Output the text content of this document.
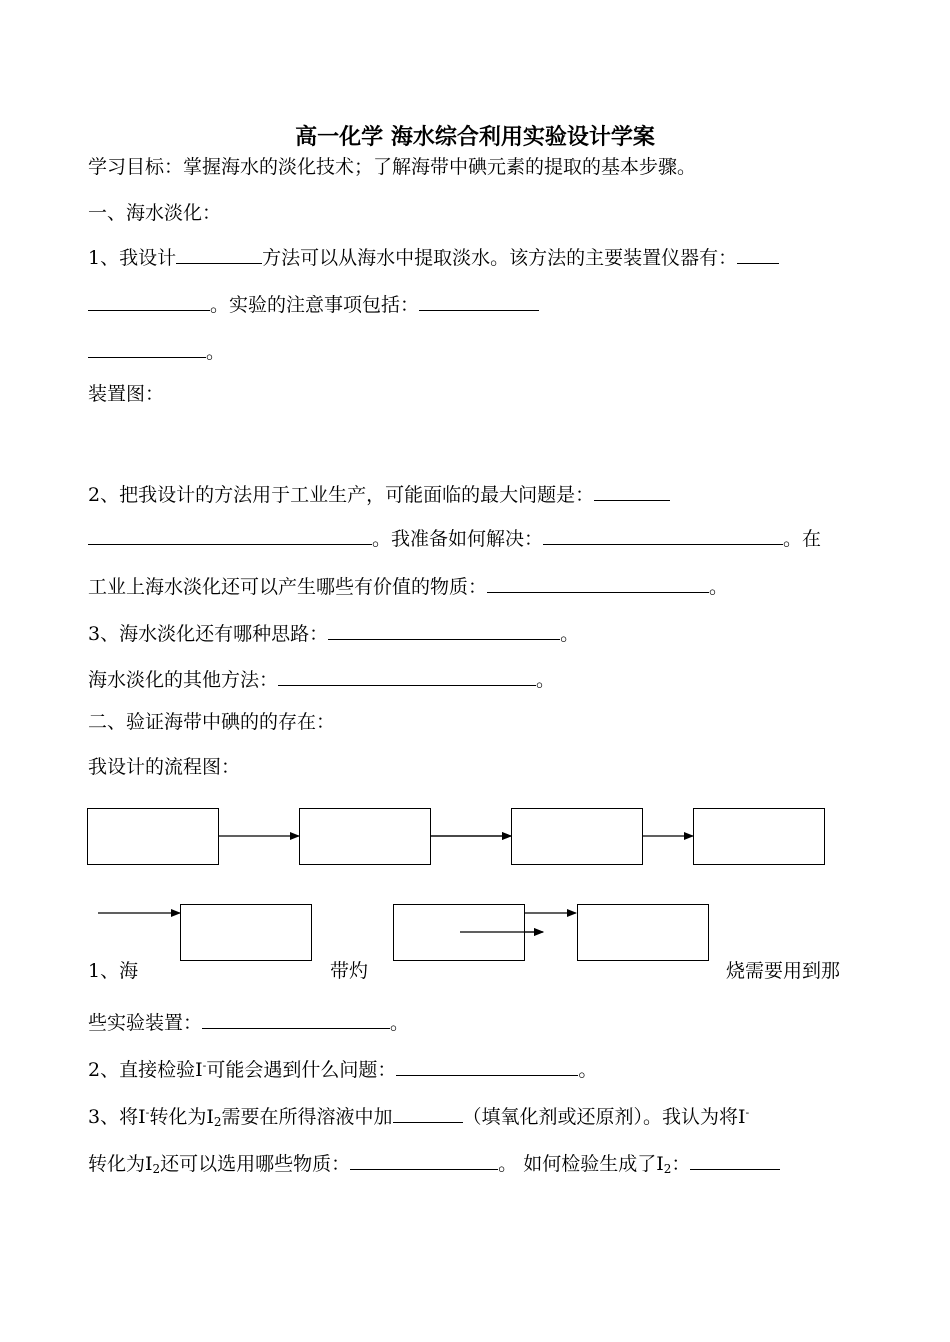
高一化学 海水综合利用实验设计学案
学习目标：掌握海水的淡化技术；了解海带中碘元素的提取的基本步骤。
一、海水淡化：
1、我设计	方法可以从海水中提取淡水。该方法的主要装置仪器有：
。实验的注意事项包括：
。
装置图：
2、把我设计的方法用于工业生产，可能面临的最大问题是：
。我准备如何解决：	。在
工业上海水淡化还可以产生哪些有价值的物质：	。
3、海水淡化还有哪种思路：	。
海水淡化的其他方法：	。
二、验证海带中碘的的存在：
我设计的流程图：
1、海	带灼	烧需要用到那
些实验装置：	。
2、直接检验I-可能会遇到什么问题：	。
3、将I-转化为$I_2$需要在所得溶液中加	（填氧化剂或还原剂）。我认为将I-
转化为$I_2$还可以选用哪些物质：	。 如何检验生成了$I_2$：
